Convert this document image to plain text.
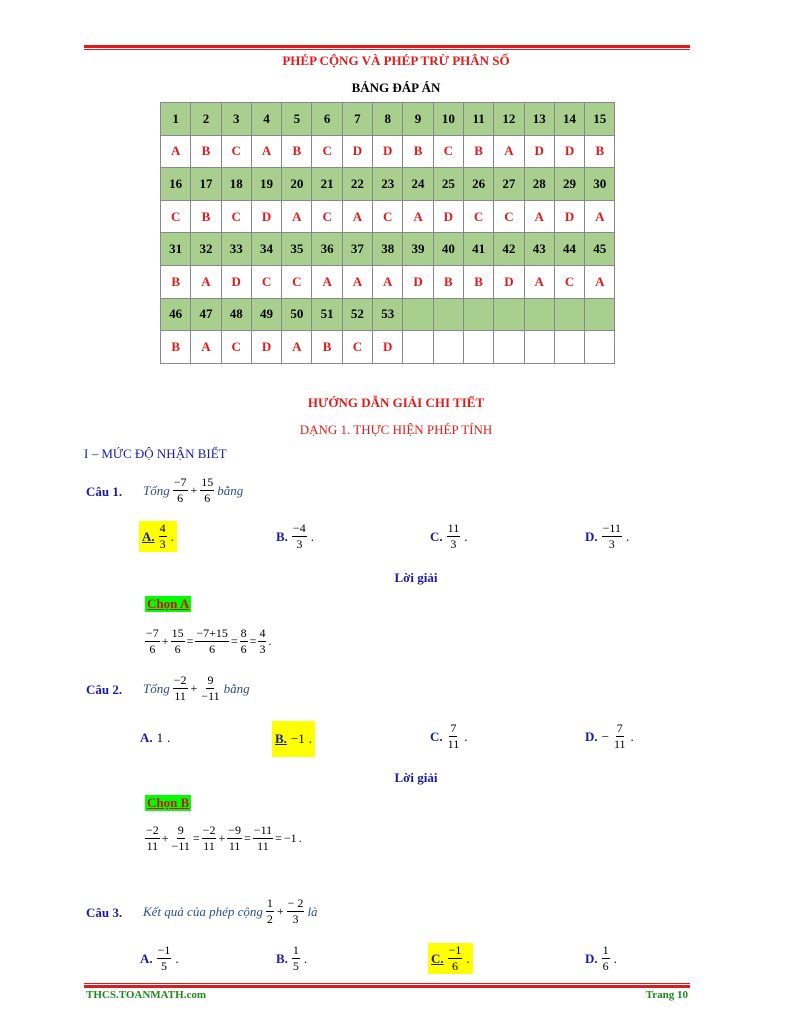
PHÉP CỘNG VÀ PHÉP TRỪ PHÂN SỐ
BẢNG ĐÁP ÁN
1	2	3	4	5	6	7	8	9	10	11	12	13	14	15
A	B	C	A	B	C	D	D	B	C	B	A	D	D	B
16	17	18	19	20	21	22	23	24	25	26	27	28	29	30
C	B	C	D	A	C	A	C	A	D	C	C	A	D	A
31	32	33	34	35	36	37	38	39	40	41	42	43	44	45
B	A	D	C	C	A	A	A	D	B	B	D	A	C	A
46	47	48	49	50	51	52	53							
B	A	C	D	A	B	C	D							
HƯỚNG DẪN GIẢI CHI TIẾT
DẠNG 1. THỰC HIỆN PHÉP TÍNH
I – MỨC ĐỘ NHẬN BIẾT
Câu 1. Tổng $\frac{-7}{6} + \frac{15}{6}$ bằng
A. $\frac{4}{3}$ .	B. $\frac{-4}{3}$ .	C. $\frac{11}{3}$ .	D. $\frac{-11}{3}$ .
Lời giải
Chọn A
$\frac{-7}{6} + \frac{15}{6} = \frac{-7+15}{6} = \frac{8}{6} = \frac{4}{3}$ .
Câu 2. Tổng $\frac{-2}{11} + \frac{9}{-11}$ bằng
A. 1 .	B. −1 .	C. $\frac{7}{11}$ .	D. − $\frac{7}{11}$ .
Lời giải
Chọn B
$\frac{-2}{11} + \frac{9}{-11} = \frac{-2}{11} + \frac{-9}{11} = \frac{-11}{11} = -1$ .
Câu 3. Kết quả của phép cộng $\frac{1}{2} + \frac{- 2}{3}$ là
A. $\frac{-1}{5}$ .	B. $\frac{1}{5}$ .	C. $\frac{-1}{6}$ .	D. $\frac{1}{6}$ .
THCS.TOANMATH.com	Trang 10
